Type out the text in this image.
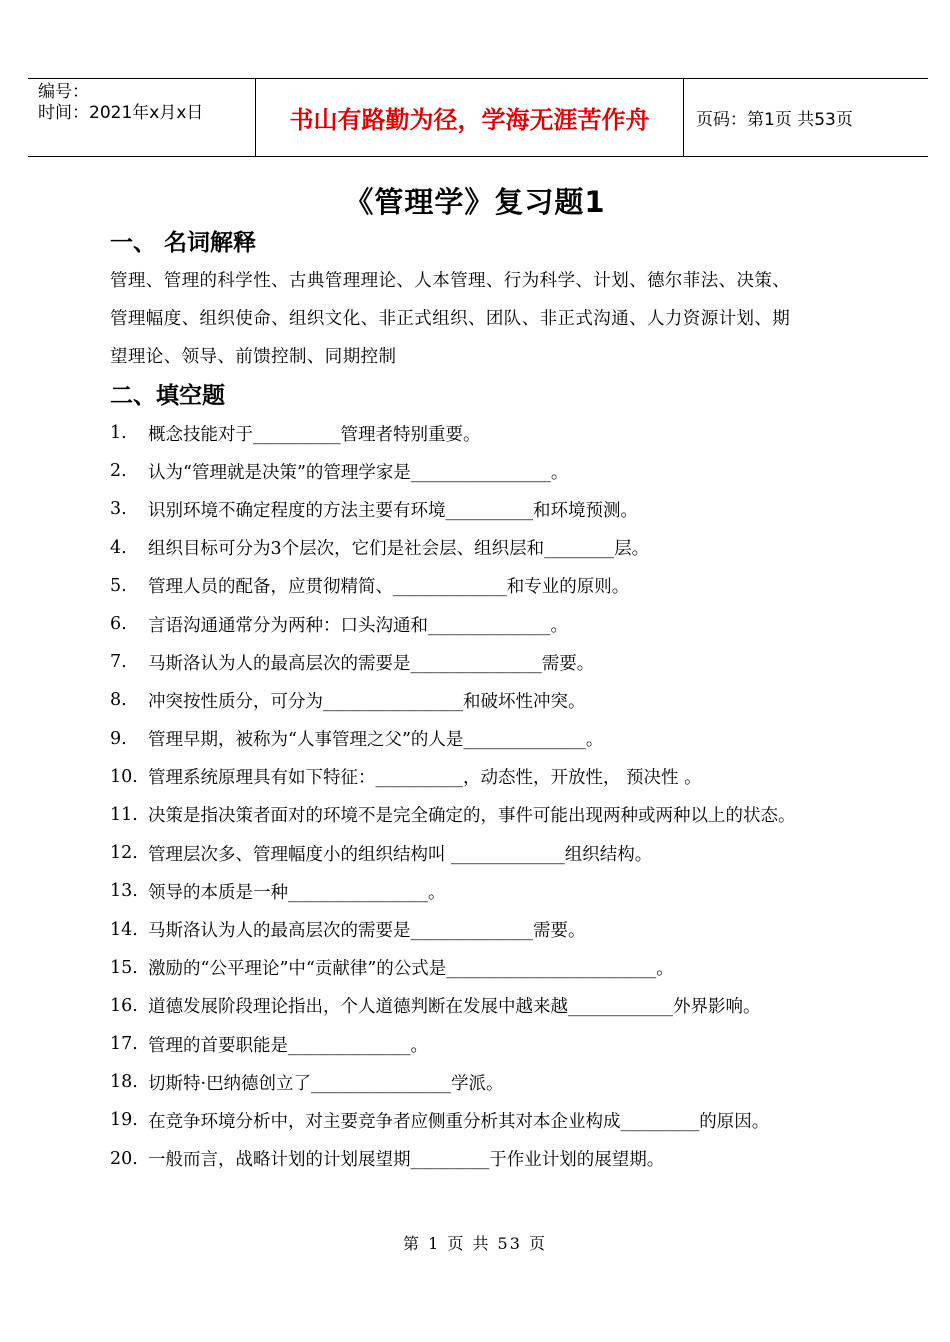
编号：
时间：2021年x月x日	书山有路勤为径，学海无涯苦作舟	页码：第1页 共53页
《管理学》复习题1
一、 名词解释
管理、管理的科学性、古典管理理论、人本管理、行为科学、计划、德尔菲法、决策、
管理幅度、组织使命、组织文化、非正式组织、团队、非正式沟通、人力资源计划、期
望理论、领导、前馈控制、同期控制
二、填空题
1.	概念技能对于__________管理者特别重要。
2.	认为“管理就是决策”的管理学家是________________。
3.	识别环境不确定程度的方法主要有环境__________和环境预测。
4.	组织目标可分为3个层次，它们是社会层、组织层和________层。
5.	管理人员的配备，应贯彻精简、_____________和专业的原则。
6.	言语沟通通常分为两种：口头沟通和______________。
7.	马斯洛认为人的最高层次的需要是_______________需要。
8.	冲突按性质分，可分为________________和破坏性冲突。
9.	管理早期，被称为“人事管理之父”的人是______________。
10. 管理系统原理具有如下特征：__________，动态性，开放性， 预决性 。
11. 决策是指决策者面对的环境不是完全确定的，事件可能出现两种或两种以上的状态。
12. 管理层次多、管理幅度小的组织结构叫 _____________组织结构。
13. 领导的本质是一种________________。
14. 马斯洛认为人的最高层次的需要是______________需要。
15. 激励的“公平理论”中“贡献律”的公式是________________________。
16. 道德发展阶段理论指出，个人道德判断在发展中越来越____________外界影响。
17. 管理的首要职能是______________。
18. 切斯特·巴纳德创立了________________学派。
19. 在竞争环境分析中，对主要竞争者应侧重分析其对本企业构成_________的原因。
20. 一般而言，战略计划的计划展望期_________于作业计划的展望期。
第 1 页 共 53 页
